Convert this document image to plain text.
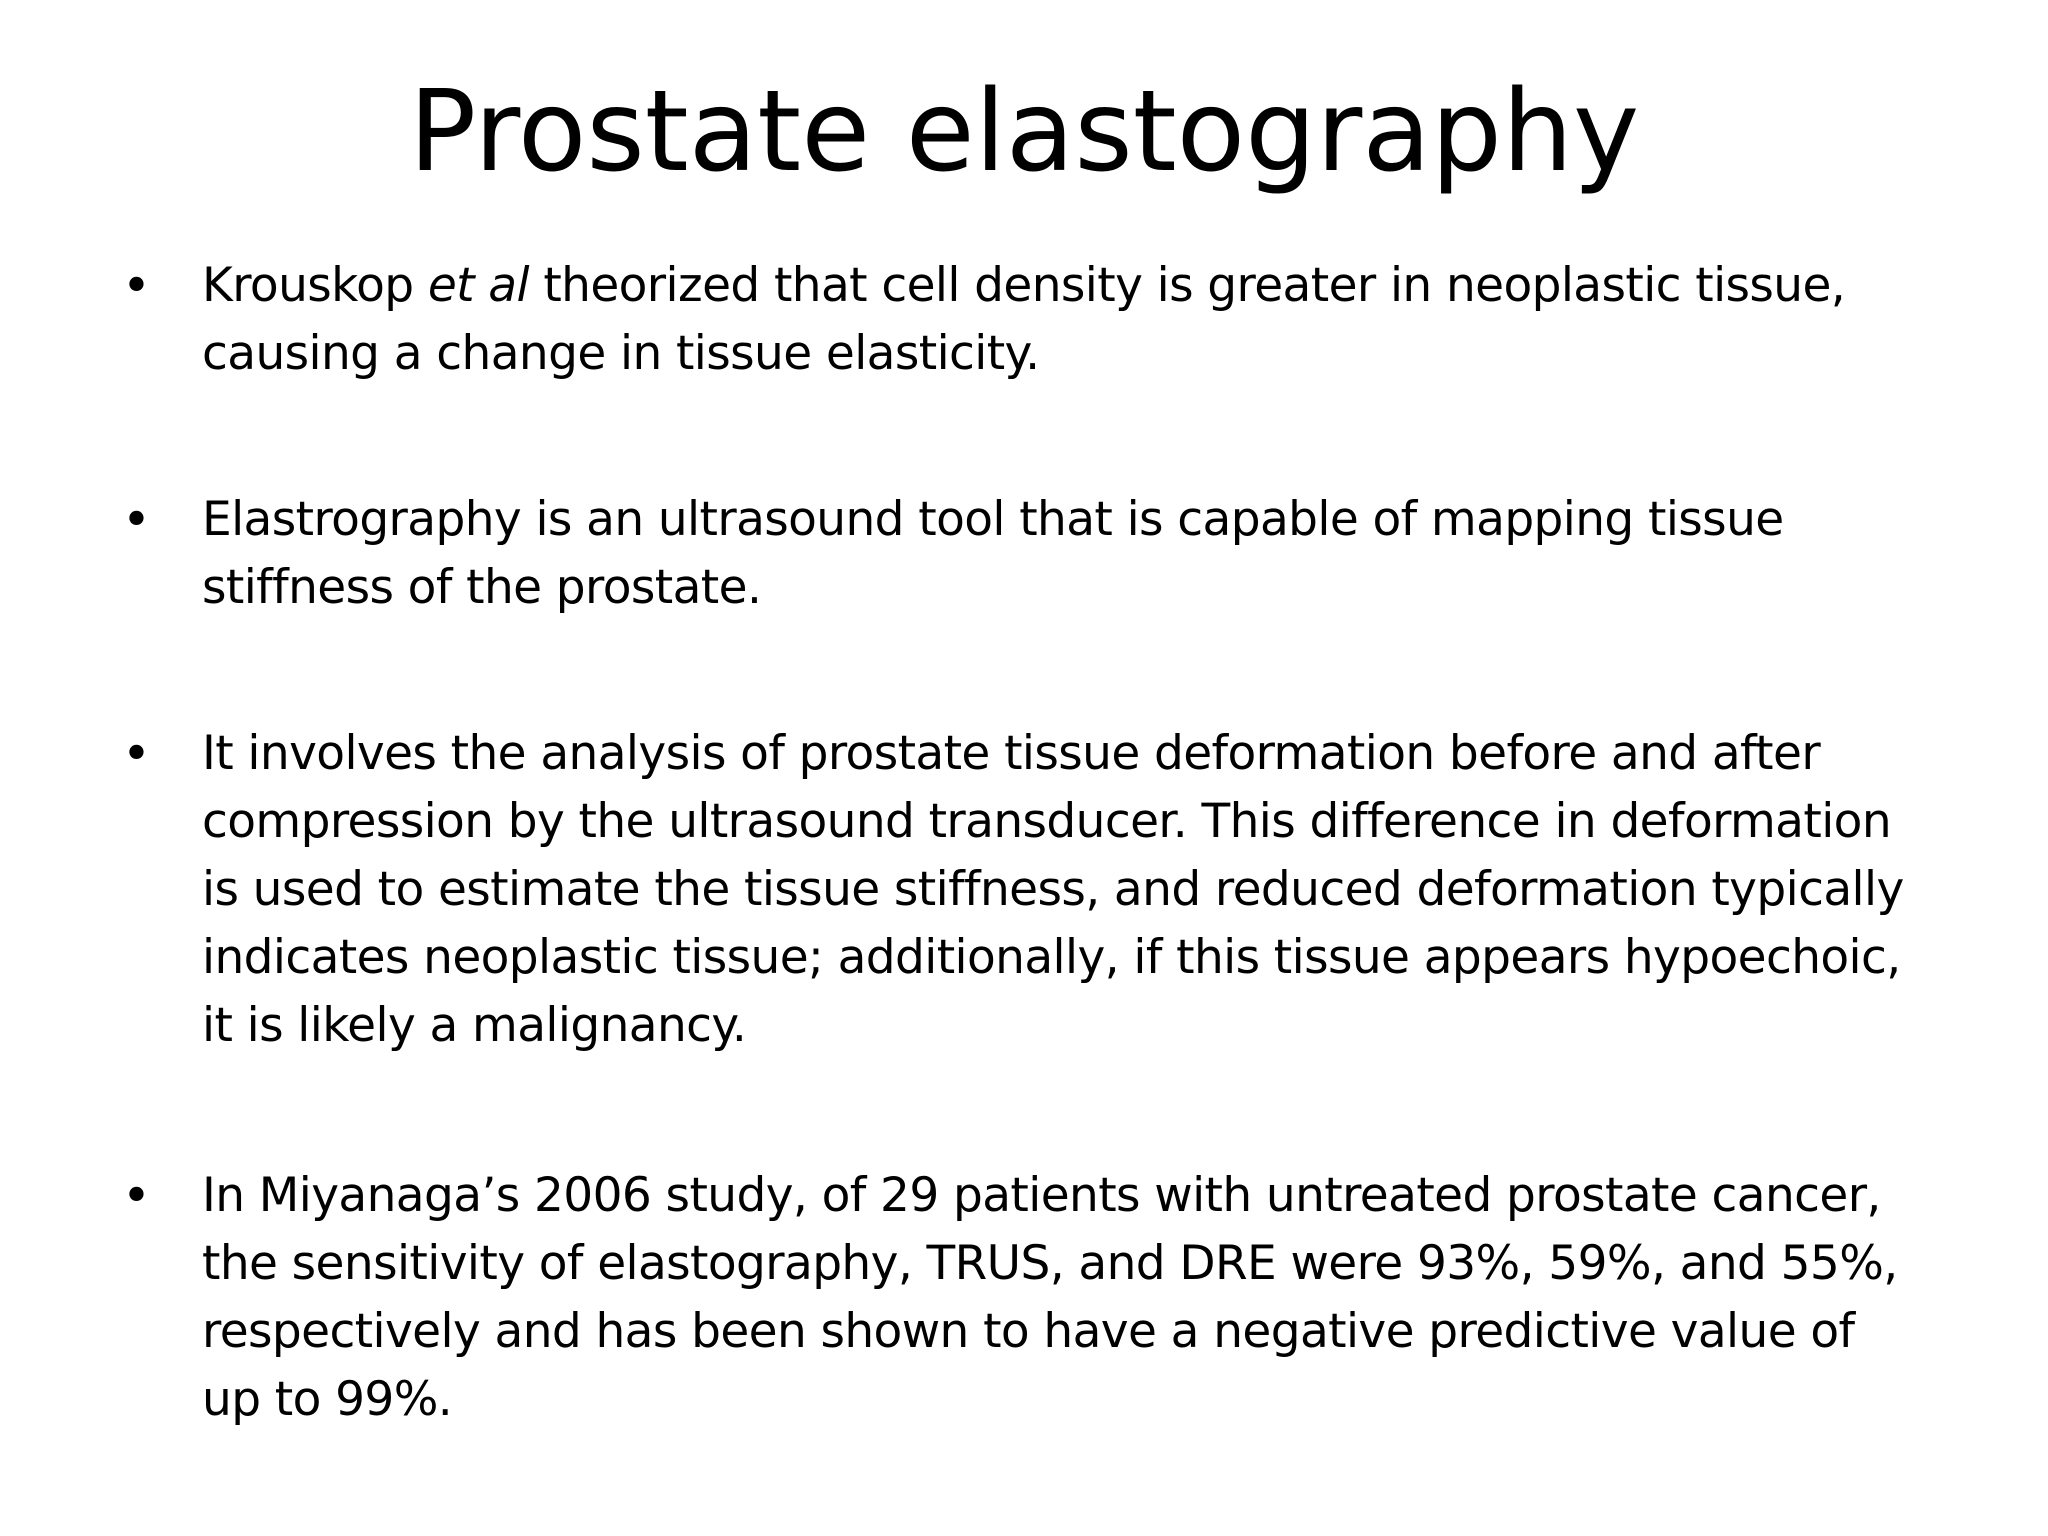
Prostate elastography
• Krouskop et al theorized that cell density is greater in neoplastic tissue, causing a change in tissue elasticity.
• Elastrography is an ultrasound tool that is capable of mapping tissue stiffness of the prostate.
• It involves the analysis of prostate tissue deformation before and after compression by the ultrasound transducer. This difference in deformation is used to estimate the tissue stiffness, and reduced deformation typically indicates neoplastic tissue; additionally, if this tissue appears hypoechoic, it is likely a malignancy.
• In Miyanaga’s 2006 study, of 29 patients with untreated prostate cancer, the sensitivity of elastography, TRUS, and DRE were 93%, 59%, and 55%, respectively and has been shown to have a negative predictive value of up to 99%.
